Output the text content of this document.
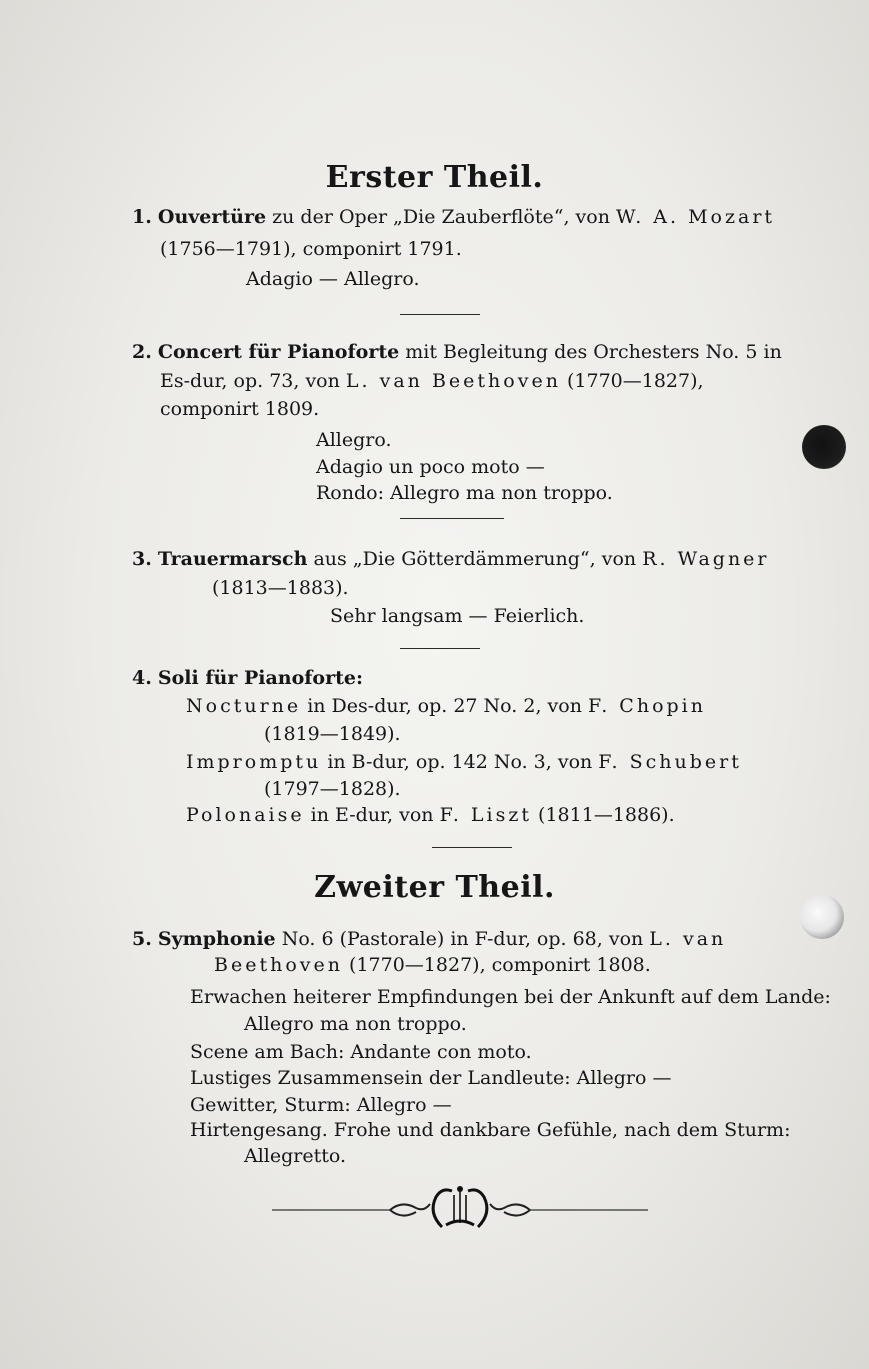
Erster Theil.
1. Ouvertüre zu der Oper „Die Zauberflöte“, von W. A. Mozart
(1756—1791), componirt 1791.
Adagio — Allegro.
2. Concert für Pianoforte mit Begleitung des Orchesters No. 5 in
Es-dur, op. 73, von L. van Beethoven (1770—1827),
componirt 1809.
Allegro.
Adagio un poco moto —
Rondo: Allegro ma non troppo.
3. Trauermarsch aus „Die Götterdämmerung“, von R. Wagner
(1813—1883).
Sehr langsam — Feierlich.
4. Soli für Pianoforte:
Nocturne in Des-dur, op. 27 No. 2, von F. Chopin
(1819—1849).
Impromptu in B-dur, op. 142 No. 3, von F. Schubert
(1797—1828).
Polonaise in E-dur, von F. Liszt (1811—1886).
Zweiter Theil.
5. Symphonie No. 6 (Pastorale) in F-dur, op. 68, von L. van
Beethoven (1770—1827), componirt 1808.
Erwachen heiterer Empfindungen bei der Ankunft auf dem Lande:
Allegro ma non troppo.
Scene am Bach: Andante con moto.
Lustiges Zusammensein der Landleute: Allegro —
Gewitter, Sturm: Allegro —
Hirtengesang. Frohe und dankbare Gefühle, nach dem Sturm:
Allegretto.
